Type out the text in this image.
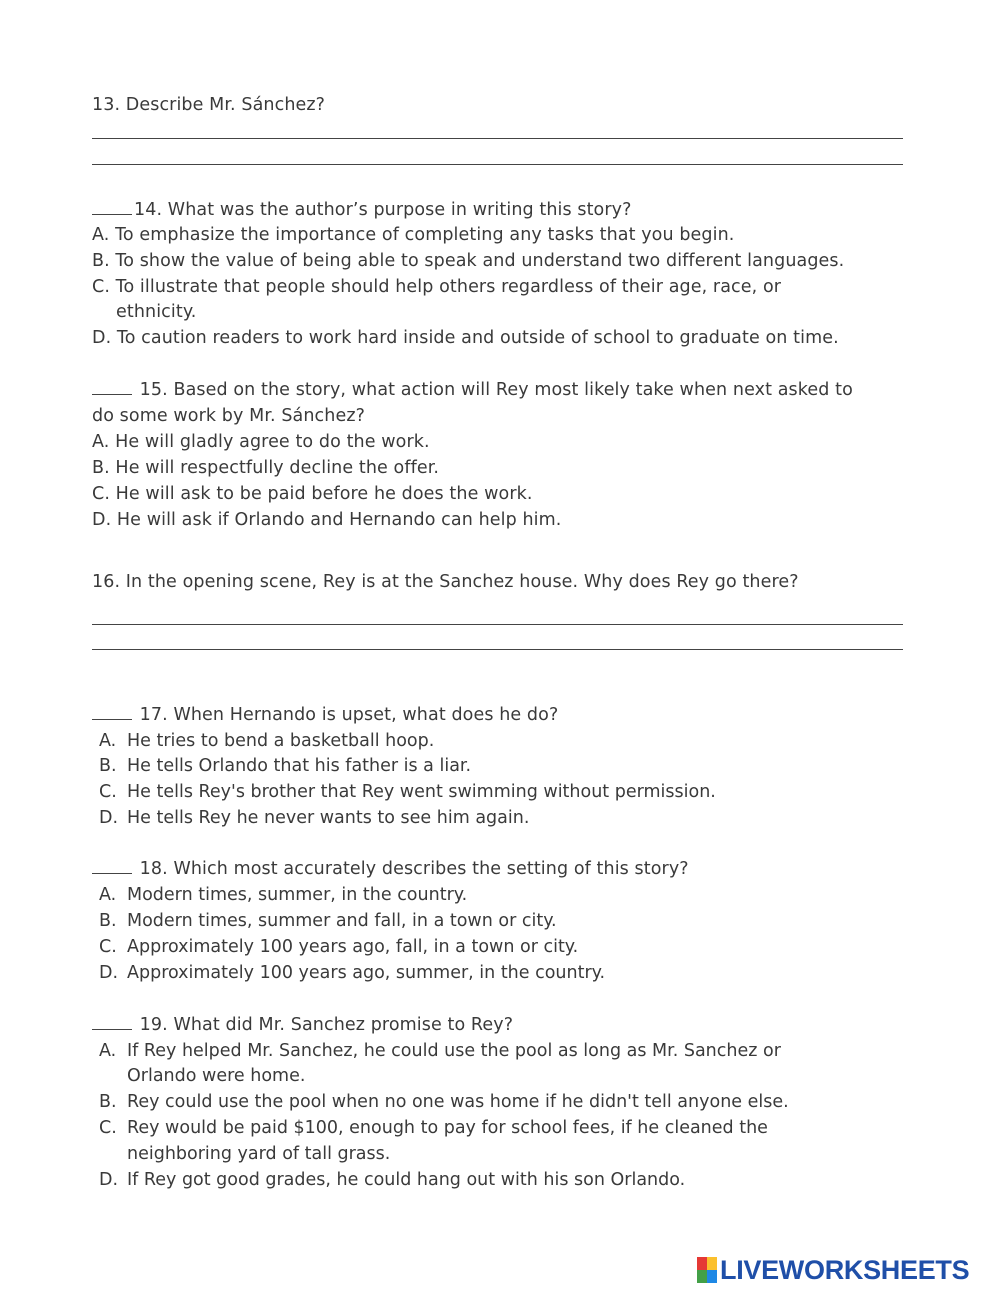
13. Describe Mr. Sánchez?
14. What was the author’s purpose in writing this story?
A. To emphasize the importance of completing any tasks that you begin.
B. To show the value of being able to speak and understand two different languages.
C. To illustrate that people should help others regardless of their age, race, or
ethnicity.
D. To caution readers to work hard inside and outside of school to graduate on time.
15. Based on the story, what action will Rey most likely take when next asked to
do some work by Mr. Sánchez?
A. He will gladly agree to do the work.
B. He will respectfully decline the offer.
C. He will ask to be paid before he does the work.
D. He will ask if Orlando and Hernando can help him.
16. In the opening scene, Rey is at the Sanchez house. Why does Rey go there?
17. When Hernando is upset, what does he do?
A. He tries to bend a basketball hoop.
B. He tells Orlando that his father is a liar.
C. He tells Rey's brother that Rey went swimming without permission.
D. He tells Rey he never wants to see him again.
18. Which most accurately describes the setting of this story?
A. Modern times, summer, in the country.
B. Modern times, summer and fall, in a town or city.
C. Approximately 100 years ago, fall, in a town or city.
D. Approximately 100 years ago, summer, in the country.
19. What did Mr. Sanchez promise to Rey?
A. If Rey helped Mr. Sanchez, he could use the pool as long as Mr. Sanchez or
Orlando were home.
B. Rey could use the pool when no one was home if he didn't tell anyone else.
C. Rey would be paid $100, enough to pay for school fees, if he cleaned the
neighboring yard of tall grass.
D. If Rey got good grades, he could hang out with his son Orlando.
LIVEWORKSHEETS
